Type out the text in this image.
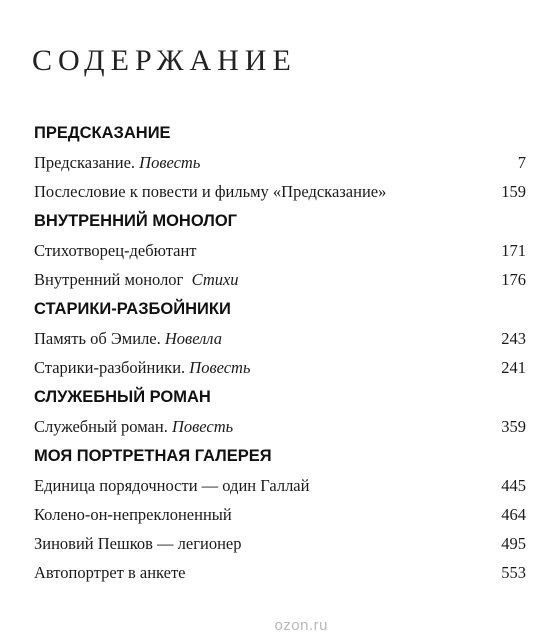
СОДЕРЖАНИЕ
ПРЕДСКАЗАНИЕ
Предсказание. Повесть	7
Послесловие к повести и фильму «Предсказание»	159
ВНУТРЕННИЙ МОНОЛОГ
Стихотворец-дебютант	171
Внутренний монолог  Стихи	176
СТАРИКИ-РАЗБОЙНИКИ
Память об Эмиле. Новелла	243
Старики-разбойники. Повесть	241
СЛУЖЕБНЫЙ РОМАН
Служебный роман. Повесть	359
МОЯ ПОРТРЕТНАЯ ГАЛЕРЕЯ
Единица порядочности — один Галлай	445
Колено-он-непреклоненный	464
Зиновий Пешков — легионер	495
Автопортрет в анкете	553
ozon.ru
